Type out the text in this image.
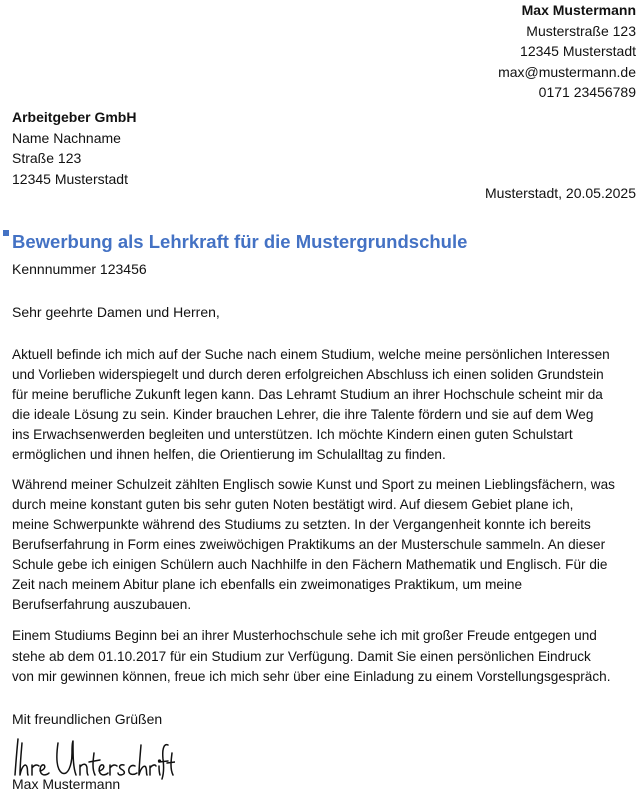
Max Mustermann
Musterstraße 123
12345 Musterstadt
max@mustermann.de
0171 23456789
Arbeitgeber GmbH
Name Nachname
Straße 123
12345 Musterstadt
Musterstadt, 20.05.2025
Bewerbung als Lehrkraft für die Mustergrundschule
Kennnummer 123456
Sehr geehrte Damen und Herren,
Aktuell befinde ich mich auf der Suche nach einem Studium, welche meine persönlichen Interessen
und Vorlieben widerspiegelt und durch deren erfolgreichen Abschluss ich einen soliden Grundstein
für meine berufliche Zukunft legen kann. Das Lehramt Studium an ihrer Hochschule scheint mir da
die ideale Lösung zu sein. Kinder brauchen Lehrer, die ihre Talente fördern und sie auf dem Weg
ins Erwachsenwerden begleiten und unterstützen. Ich möchte Kindern einen guten Schulstart
ermöglichen und ihnen helfen, die Orientierung im Schulalltag zu finden.
Während meiner Schulzeit zählten Englisch sowie Kunst und Sport zu meinen Lieblingsfächern, was
durch meine konstant guten bis sehr guten Noten bestätigt wird. Auf diesem Gebiet plane ich,
meine Schwerpunkte während des Studiums zu setzten. In der Vergangenheit konnte ich bereits
Berufserfahrung in Form eines zweiwöchigen Praktikums an der Musterschule sammeln. An dieser
Schule gebe ich einigen Schülern auch Nachhilfe in den Fächern Mathematik und Englisch. Für die
Zeit nach meinem Abitur plane ich ebenfalls ein zweimonatiges Praktikum, um meine
Berufserfahrung auszubauen.
Einem Studiums Beginn bei an ihrer Musterhochschule sehe ich mit großer Freude entgegen und
stehe ab dem 01.10.2017 für ein Studium zur Verfügung. Damit Sie einen persönlichen Eindruck
von mir gewinnen können, freue ich mich sehr über eine Einladung zu einem Vorstellungsgespräch.
Mit freundlichen Grüßen
Max Mustermann
